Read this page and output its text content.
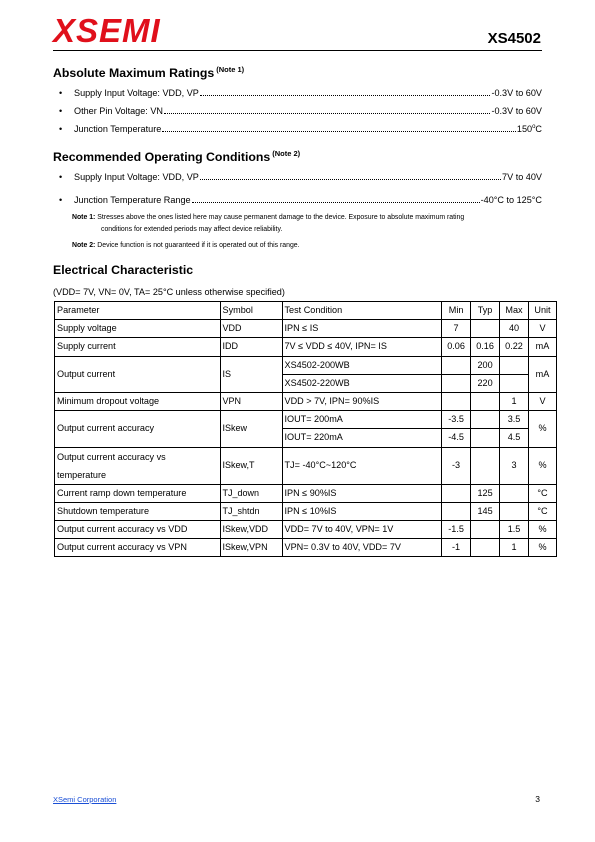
XSEMI	XS4502
Absolute Maximum Ratings $^{(Note 1)}$
•	Supply Input Voltage: VDD, VP	-0.3V to 60V
•	Other Pin Voltage: VN	-0.3V to 60V
•	Junction Temperature	150$^o$C
Recommended Operating Conditions $^{(Note 2)}$
•	Supply Input Voltage: VDD, VP	7V to 40V
•	Junction Temperature Range	-40°C to 125°C
Note 1: Stresses above the ones listed here may cause permanent damage to the device. Exposure to absolute maximum rating
conditions for extended periods may affect device reliability.
Note 2: Device function is not guaranteed if it is operated out of this range.
Electrical Characteristic
(VDD= 7V, VN= 0V, TA= 25°C unless otherwise specified)
Parameter	Symbol	Test Condition	Min	Typ	Max	Unit
Supply voltage	VDD	IPN ≤ IS	7		40	V
Supply current	IDD	7V ≤ VDD ≤ 40V, IPN= IS	0.06	0.16	0.22	mA
Output current	IS	XS4502-200WB		200		mA
		XS4502-220WB		220		
Minimum dropout voltage	VPN	VDD > 7V, IPN= 90%IS			1	V
Output current accuracy	ISkew	IOUT= 200mA	-3.5		3.5	%
		IOUT= 220mA	-4.5		4.5	
Output current accuracy vs
temperature	ISkew,T	TJ= -40°C~120°C	-3		3	%
Current ramp down temperature	TJ_down	IPN ≤ 90%IS		125		°C
Shutdown temperature	TJ_shtdn	IPN ≤ 10%IS		145		°C
Output current accuracy vs VDD	ISkew,VDD	VDD= 7V to 40V, VPN= 1V	-1.5		1.5	%
Output current accuracy vs VPN	ISkew,VPN	VPN= 0.3V to 40V, VDD= 7V	-1		1	%
XSemi Corporation	3
